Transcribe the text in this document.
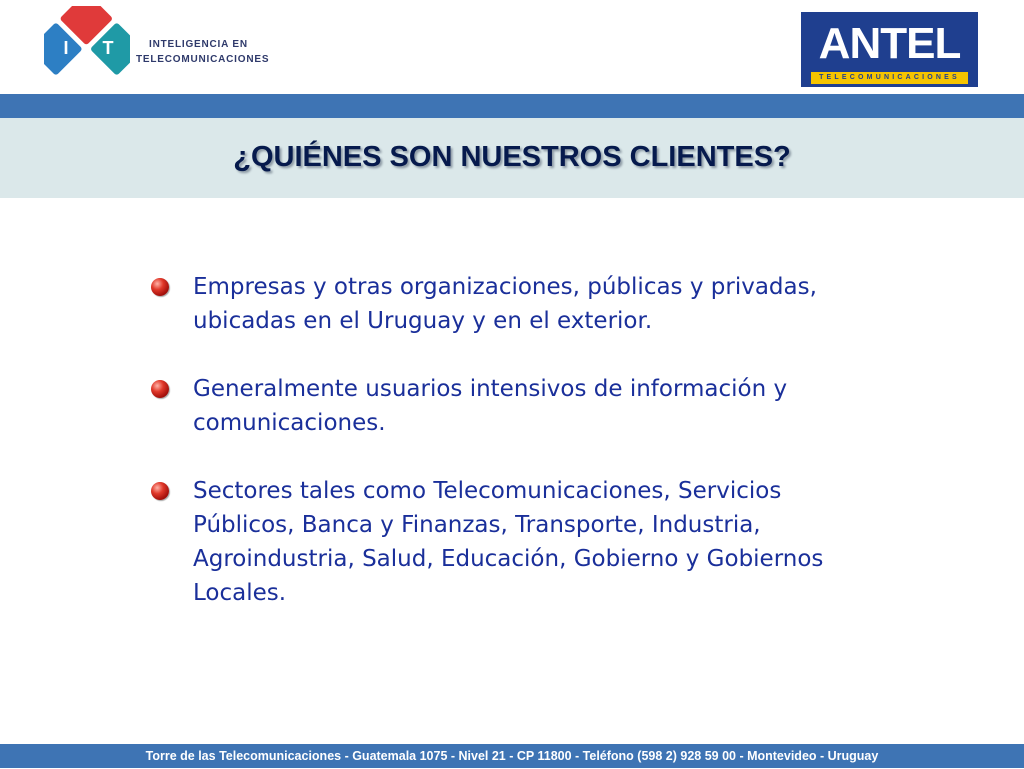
I T
C
INTELIGENCIA EN
TELECOMUNICACIONES	ANTEL
TELECOMUNICACIONES
¿QUIÉNES SON NUESTROS CLIENTES?
Empresas y otras organizaciones, públicas y privadas, ubicadas en el Uruguay y en el exterior.
Generalmente usuarios intensivos de información y comunicaciones.
Sectores tales como Telecomunicaciones, Servicios Públicos, Banca y Finanzas, Transporte, Industria, Agroindustria, Salud, Educación, Gobierno y Gobiernos Locales.
Torre de las Telecomunicaciones - Guatemala 1075 - Nivel 21 - CP 11800 - Teléfono (598 2) 928 59 00 - Montevideo - Uruguay
